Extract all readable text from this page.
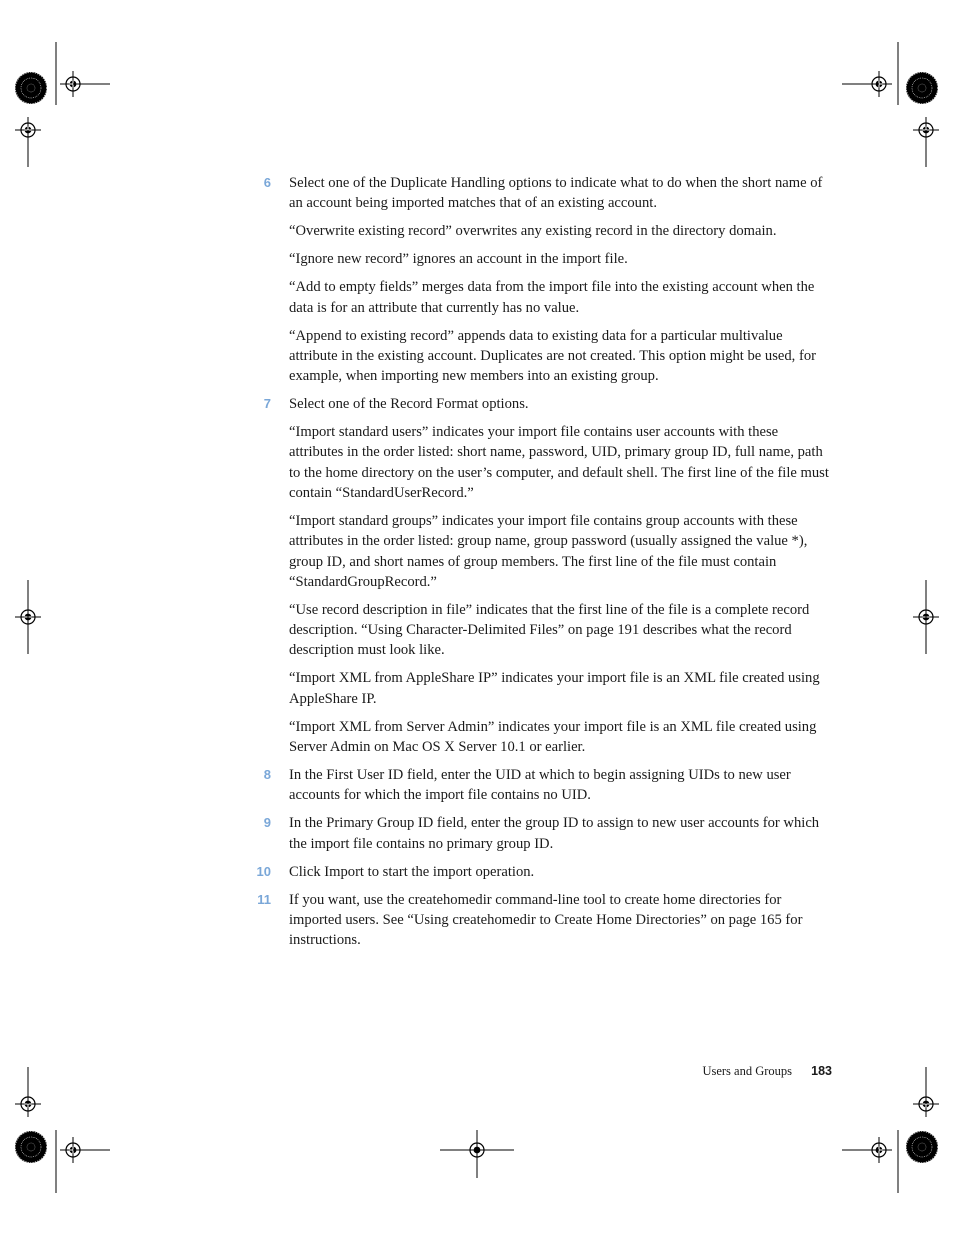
6 Select one of the Duplicate Handling options to indicate what to do when the short name of an account being imported matches that of an existing account.

“Overwrite existing record” overwrites any existing record in the directory domain.

“Ignore new record” ignores an account in the import file.

“Add to empty fields” merges data from the import file into the existing account when the data is for an attribute that currently has no value.

“Append to existing record” appends data to existing data for a particular multivalue attribute in the existing account. Duplicates are not created. This option might be used, for example, when importing new members into an existing group.

7 Select one of the Record Format options.

“Import standard users” indicates your import file contains user accounts with these attributes in the order listed: short name, password, UID, primary group ID, full name, path to the home directory on the user’s computer, and default shell. The first line of the file must contain “StandardUserRecord.”

“Import standard groups” indicates your import file contains group accounts with these attributes in the order listed: group name, group password (usually assigned the value *), group ID, and short names of group members. The first line of the file must contain “StandardGroupRecord.”

“Use record description in file” indicates that the first line of the file is a complete record description. “Using Character-Delimited Files” on page 191 describes what the record description must look like.

“Import XML from AppleShare IP” indicates your import file is an XML file created using AppleShare IP.

“Import XML from Server Admin” indicates your import file is an XML file created using Server Admin on Mac OS X Server 10.1 or earlier.

8 In the First User ID field, enter the UID at which to begin assigning UIDs to new user accounts for which the import file contains no UID.
9 In the Primary Group ID field, enter the group ID to assign to new user accounts for which the import file contains no primary group ID.
10 Click Import to start the import operation.
11 If you want, use the createhomedir command-line tool to create home directories for imported users. See “Using createhomedir to Create Home Directories” on page 165 for instructions.
Users and Groups 183
